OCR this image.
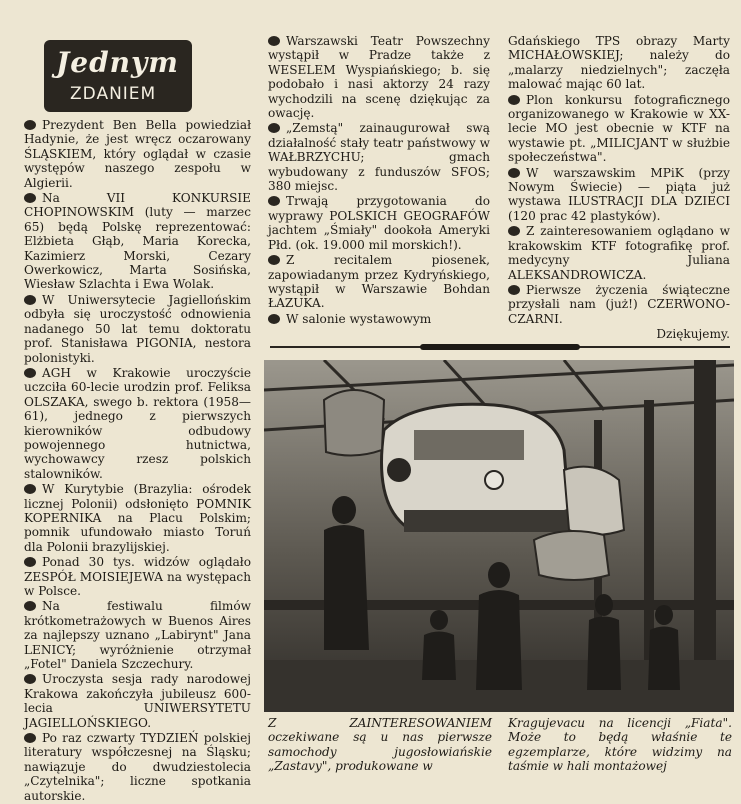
Jednym
ZDANIEM

Prezydent Ben Bella powiedział Hadynie, że jest wręcz oczarowany ŚLĄSKIEM, który oglądał w czasie występów naszego zespołu w Algierii.

Na VII KONKURSIE CHOPINOWSKIM (luty — marzec 65) będą Polskę reprezentować: Elżbieta Głąb, Maria Korecka, Kazimierz Morski, Cezary Owerkowicz, Marta Sosińska, Wiesław Szlachta i Ewa Wolak.

W Uniwersytecie Jagiellońskim odbyła się uroczystość odnowienia nadanego 50 lat temu doktoratu prof. Stanisława PIGONIA, nestora polonistyki.

AGH w Krakowie uroczyście uczciła 60-lecie urodzin prof. Feliksa OLSZAKA, swego b. rektora (1958—61), jednego z pierwszych kierowników odbudowy powojennego hutnictwa, wychowawcy rzesz polskich stalowników.

W Kurytybie (Brazylia: ośrodek licznej Polonii) odsłonięto POMNIK KOPERNIKA na Placu Polskim; pomnik ufundowało miasto Toruń dla Polonii brazylijskiej.

Ponad 30 tys. widzów oglądało ZESPÓŁ MOISIEJEWA na występach w Polsce.

Na festiwalu filmów krótkometrażowych w Buenos Aires za najlepszy uznano „Labirynt" Jana LENICY; wyróżnienie otrzymał „Fotel" Daniela Szczechury.

Uroczysta sesja rady narodowej Krakowa zakończyła jubileusz 600-lecia UNIWERSYTETU JAGIELLOŃSKIEGO.

Po raz czwarty TYDZIEŃ polskiej literatury współczesnej na Śląsku; nawiązuje do dwudziestolecia „Czytelnika"; liczne spotkania autorskie.

Warszawski Teatr Powszechny wystąpił w Pradze także z WESELEM Wyspiańskiego; b. się podobało i nasi aktorzy 24 razy wychodzili na scenę dziękując za owację.

„Zemstą" zainaugurował swą działalność stały teatr państwowy w WAŁBRZYCHU; gmach wybudowany z funduszów SFOS; 380 miejsc.

Trwają przygotowania do wyprawy POLSKICH GEOGRAFÓW jachtem „Śmiały" dookoła Ameryki Płd. (ok. 19.000 mil morskich!).

Z recitalem piosenek, zapowiadanym przez Kydryńskiego, wystąpił w Warszawie Bohdan ŁAZUKA.

W salonie wystawowym

Gdańskiego TPS obrazy Marty MICHAŁOWSKIEJ; należy do „malarzy niedzielnych"; zaczęła malować mając 60 lat.

Plon konkursu fotograficznego organizowanego w Krakowie w XX-lecie MO jest obecnie w KTF na wystawie pt. „MILICJANT w służbie społeczeństwa".

W warszawskim MPiK (przy Nowym Świecie) — piąta już wystawa ILUSTRACJI DLA DZIECI (120 prac 42 plastyków).

Z zainteresowaniem oglądano w krakowskim KTF fotografikę prof. medycyny Juliana ALEKSANDROWICZA.

Pierwsze życzenia świąteczne przysłali nam (już!) CZERWONO-CZARNI.

Dziękujemy.

Z ZAINTERESOWANIEM oczekiwane są u nas pierwsze samochody jugosłowiańskie „Zastavy", produkowane w
Kragujevacu na licencji „Fiata". Może to będą właśnie te egzemplarze, które widzimy na taśmie w hali montażowej
